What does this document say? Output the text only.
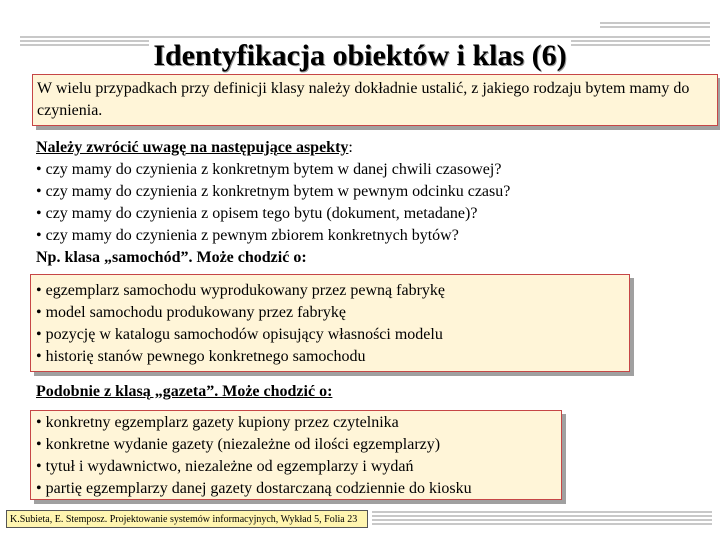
Identyfikacja obiektów i klas (6)

W wielu przypadkach przy definicji klasy należy dokładnie ustalić, z jakiego rodzaju bytem mamy do czynienia.

Należy zwrócić uwagę na następujące aspekty:

• czy mamy do czynienia z konkretnym bytem w danej chwili czasowej?

• czy mamy do czynienia z konkretnym bytem w pewnym odcinku czasu?

• czy mamy do czynienia z opisem tego bytu (dokument, metadane)?

• czy mamy do czynienia z pewnym zbiorem konkretnych bytów?

Np. klasa „samochód”. Może chodzić o:

• egzemplarz samochodu wyprodukowany przez pewną fabrykę

• model samochodu produkowany przez fabrykę

• pozycję w katalogu samochodów opisujący własności modelu

• historię stanów pewnego konkretnego samochodu

Podobnie z klasą „gazeta”. Może chodzić o:

• konkretny egzemplarz gazety kupiony przez czytelnika

• konkretne wydanie gazety (niezależne od ilości egzemplarzy)

• tytuł i wydawnictwo, niezależne od egzemplarzy i wydań

• partię egzemplarzy danej gazety dostarczaną codziennie do kiosku

K.Subieta, E. Stemposz. Projektowanie systemów informacyjnych, Wykład 5, Folia 23
